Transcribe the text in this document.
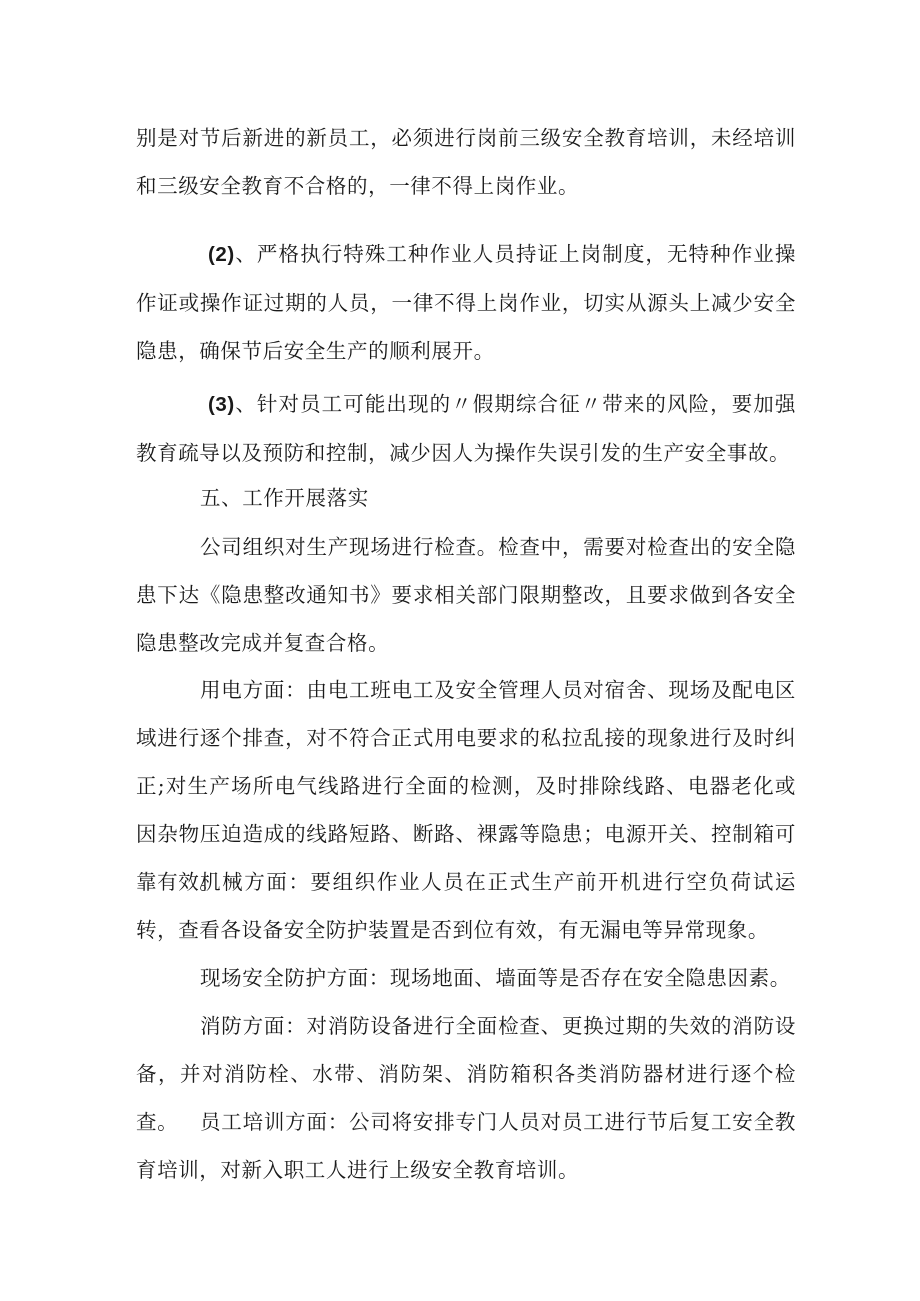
别是对节后新进的新员工，必须进行岗前三级安全教育培训，未经培训和三级安全教育不合格的，一律不得上岗作业。

(2)、严格执行特殊工种作业人员持证上岗制度，无特种作业操作证或操作证过期的人员，一律不得上岗作业，切实从源头上减少安全隐患，确保节后安全生产的顺利展开。

(3)、针对员工可能出现的〃假期综合征〃带来的风险，要加强教育疏导以及预防和控制，减少因人为操作失误引发的生产安全事故。

五、工作开展落实

公司组织对生产现场进行检查。检查中，需要对检查出的安全隐患下达《隐患整改通知书》要求相关部门限期整改，且要求做到各安全隐患整改完成并复查合格。

用电方面：由电工班电工及安全管理人员对宿舍、现场及配电区域进行逐个排查，对不符合正式用电要求的私拉乱接的现象进行及时纠正;对生产场所电气线路进行全面的检测，及时排除线路、电器老化或因杂物压迫造成的线路短路、断路、裸露等隐患；电源开关、控制箱可靠有效。

机械方面：要组织作业人员在正式生产前开机进行空负荷试运转，查看各设备安全防护装置是否到位有效，有无漏电等异常现象。

现场安全防护方面：现场地面、墙面等是否存在安全隐患因素。

消防方面：对消防设备进行全面检查、更换过期的失效的消防设备，并对消防栓、水带、消防架、消防箱积各类消防器材进行逐个检查。	员工培训方面：公司将安排专门人员对员工进行节后复工安全教育培训，对新入职工人进行上级安全教育培训。
